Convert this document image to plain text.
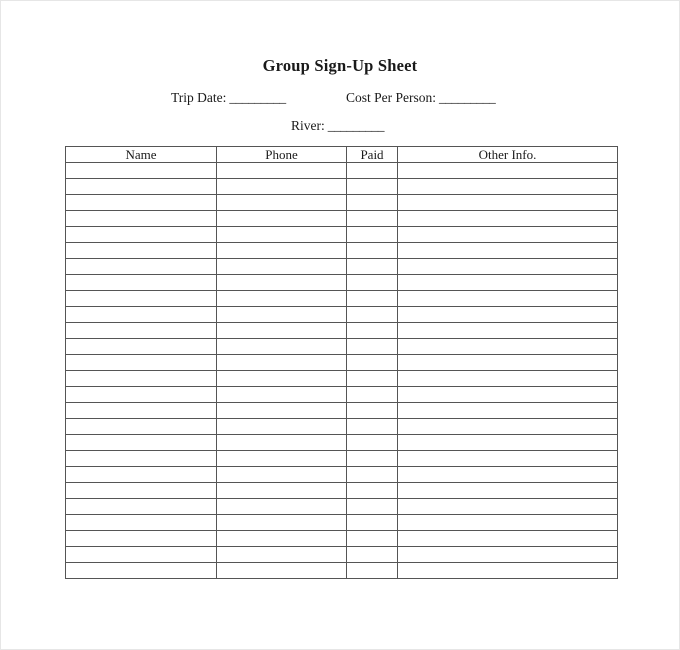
Group Sign-Up Sheet
Trip Date: _________	Cost Per Person: _________
River: _________
Name	Phone	Paid	Other Info.
